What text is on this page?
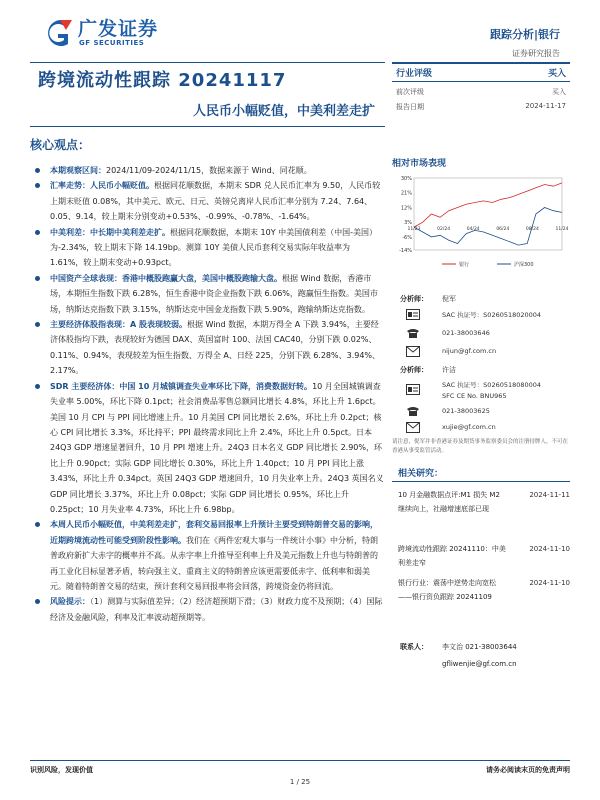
广发证券
GF SECURITIES
跟踪分析|银行
证券研究报告
跨境流动性跟踪 20241117
人民币小幅贬值，中美利差走扩
行业评级	买入
前次评级	买入
报告日期	2024-11-17
核心观点：
本期观察区间：2024/11/09-2024/11/15，数据来源于 Wind、同花顺。
汇率走势：人民币小幅贬值。根据同花顺数据，本期末 SDR 兑人民币汇率为 9.50，人民币较上期末贬值 0.08%，其中美元、欧元、日元、英镑兑离岸人民币汇率分别为 7.24、7.64、0.05、9.14，较上期末分别变动+0.53%、-0.99%、-0.78%、-1.64%。
中美利差：中长期中美利差走扩。根据同花顺数据，本期末 10Y 中美国债利差（中国-美国）为-2.34%，较上期末下降 14.19bp。测算 10Y 美债人民币套利交易实际年收益率为 1.61%，较上期末变动+0.93pct。
中国资产全球表现：香港中概股跑赢大盘，美国中概股跑输大盘。根据 Wind 数据，香港市场，本期恒生指数下跌 6.28%，恒生香港中资企业指数下跌 6.06%，跑赢恒生指数。美国市场，纳斯达克指数下跌 3.15%，纳斯达克中国金龙指数下跌 5.90%，跑输纳斯达克指数。
主要经济体股指表现：A 股表现较弱。根据 Wind 数据，本期万得全 A 下跌 3.94%，主要经济体股指均下跌，表现较好为德国 DAX、英国富时 100、法国 CAC40，分别下跌 0.02%、0.11%、0.94%，表现较差为恒生指数、万得全 A、日经 225，分别下跌 6.28%、3.94%、2.17%。
SDR 主要经济体：中国 10 月城镇调查失业率环比下降，消费数据好转。10 月全国城镇调查失业率 5.00%，环比下降 0.1pct；社会消费品零售总额同比增长 4.8%，环比上升 1.6pct。美国 10 月 CPI 与 PPI 同比增速上升。10 月美国 CPI 同比增长 2.6%，环比上升 0.2pct；核心 CPI 同比增长 3.3%，环比持平；PPI 最终需求同比上升 2.4%，环比上升 0.5pct。日本 24Q3 GDP 增速显著回升，10 月 PPI 增速上升。24Q3 日本名义 GDP 同比增长 2.90%，环比上升 0.90pct；实际 GDP 同比增长 0.30%，环比上升 1.40pct；10 月 PPI 同比上涨 3.43%，环比上升 0.34pct。英国 24Q3 GDP 增速回升，10 月失业率上升。24Q3 英国名义 GDP 同比增长 3.37%，环比上升 0.08pct；实际 GDP 同比增长 0.95%，环比上升 0.25pct；10 月失业率 4.73%，环比上升 6.98bp。
本周人民币小幅贬值，中美利差走扩，套利交易回报率上升预计主要受到特朗普交易的影响，近期跨境流动性可能受到阶段性影响。我们在《两件宏观大事与一件统计小事》中分析，特朗普政府新扩大赤字的概率并不高。从赤字率上升推导至利率上升及美元指数上升也与特朗普的再工业化目标显著矛盾，转向强主义、重商主义的特朗普应该更需要低赤字、低利率和弱美元。随着特朗普交易的结束，预计套利交易回报率将会回落，跨境资金仍将回流。
风险提示：（1）测算与实际值差异；（2）经济超预期下滑；（3）财政力度不及预期；（4）国际经济及金融风险，利率及汇率波动超预期等。
相对市场表现
30%
21%
12%
3%
-6%
-14%
11/23	02/24	04/24	06/24	08/24	11/24
银行	沪深300
分析师： 倪军
SAC 执证号：S0260518020004
021-38003646
nijun@gf.com.cn
分析师： 许洁
SAC 执证号：S0260518080004
SFC CE No. BNU965
021-38003625
xujie@gf.com.cn
请注意，倪军并非香港证券及期货事务监察委员会的注册持牌人，不可在香港从事受监管活动。
相关研究：
10 月金融数据点评:M1 损失 M2 继续向上，社融增速底部已现
2024-11-11
跨境流动性跟踪 20241110：中美利差走窄
2024-11-10
银行行业：震荡中逆势走向宽松——银行资负跟踪 20241109
2024-11-10
联系人： 李文治 021-38003644
gfliwenjie@gf.com.cn
识别风险，发现价值	请务必阅读末页的免责声明
1 / 25
